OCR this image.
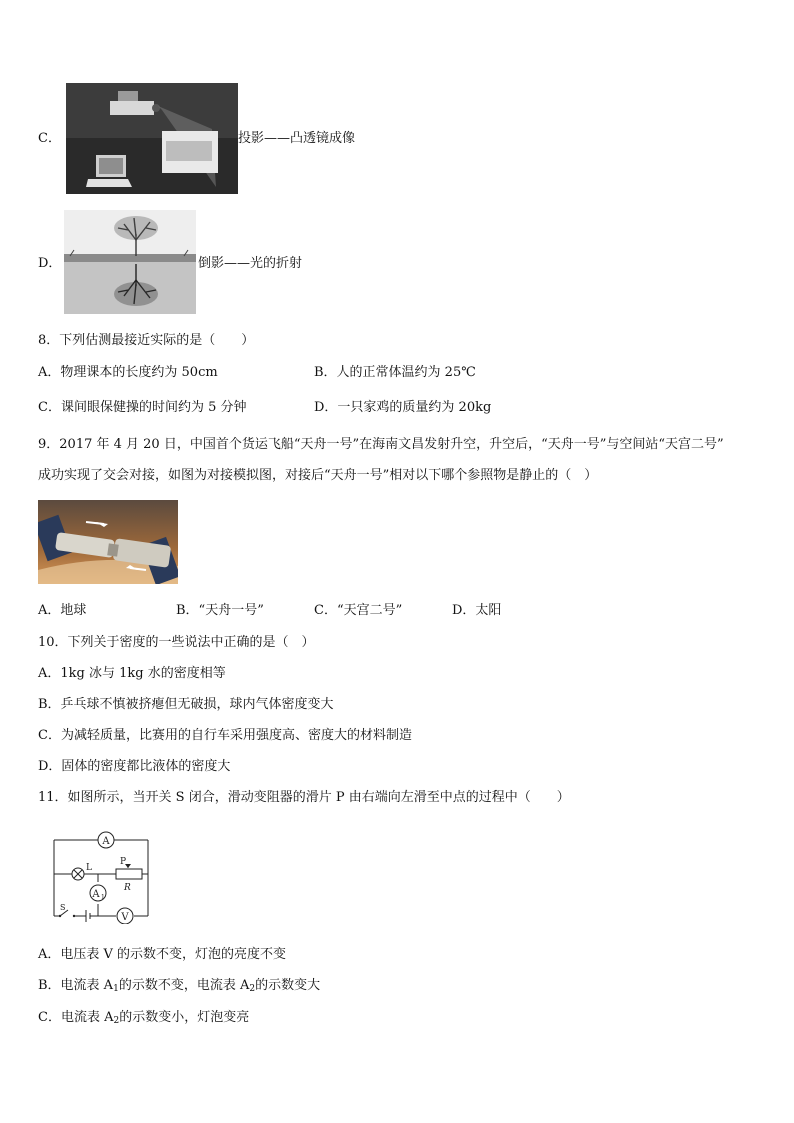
C．	投影——凸透镜成像
D．	倒影——光的折射
8．下列估测最接近实际的是（　　）
A．物理课本的长度约为 50cm	B．人的正常体温约为 25℃
C．课间眼保健操的时间约为 5 分钟	D．一只家鸡的质量约为 20kg
9．2017 年 4 月 20 日，中国首个货运飞船“天舟一号”在海南文昌发射升空，升空后，“天舟一号”与空间站“天宫二号”
成功实现了交会对接，如图为对接模拟图，对接后“天舟一号”相对以下哪个参照物是静止的（　）
A．地球	B．“天舟一号”	C．“天宫二号”	D．太阳
10．下列关于密度的一些说法中正确的是（　）
A．1kg 冰与 1kg 水的密度相等
B．乒乓球不慎被挤瘪但无破损，球内气体密度变大
C．为减轻质量，比赛用的自行车采用强度高、密度大的材料制造
D．固体的密度都比液体的密度大
11．如图所示，当开关 S 闭合，滑动变阻器的滑片 P 由右端向左滑至中点的过程中（　　）
A
L
A 1
P
R
V
S
A．电压表 V 的示数不变，灯泡的亮度不变
B．电流表 $A_1$的示数不变，电流表 $A_2$的示数变大
C．电流表 $A_2$的示数变小，灯泡变亮
